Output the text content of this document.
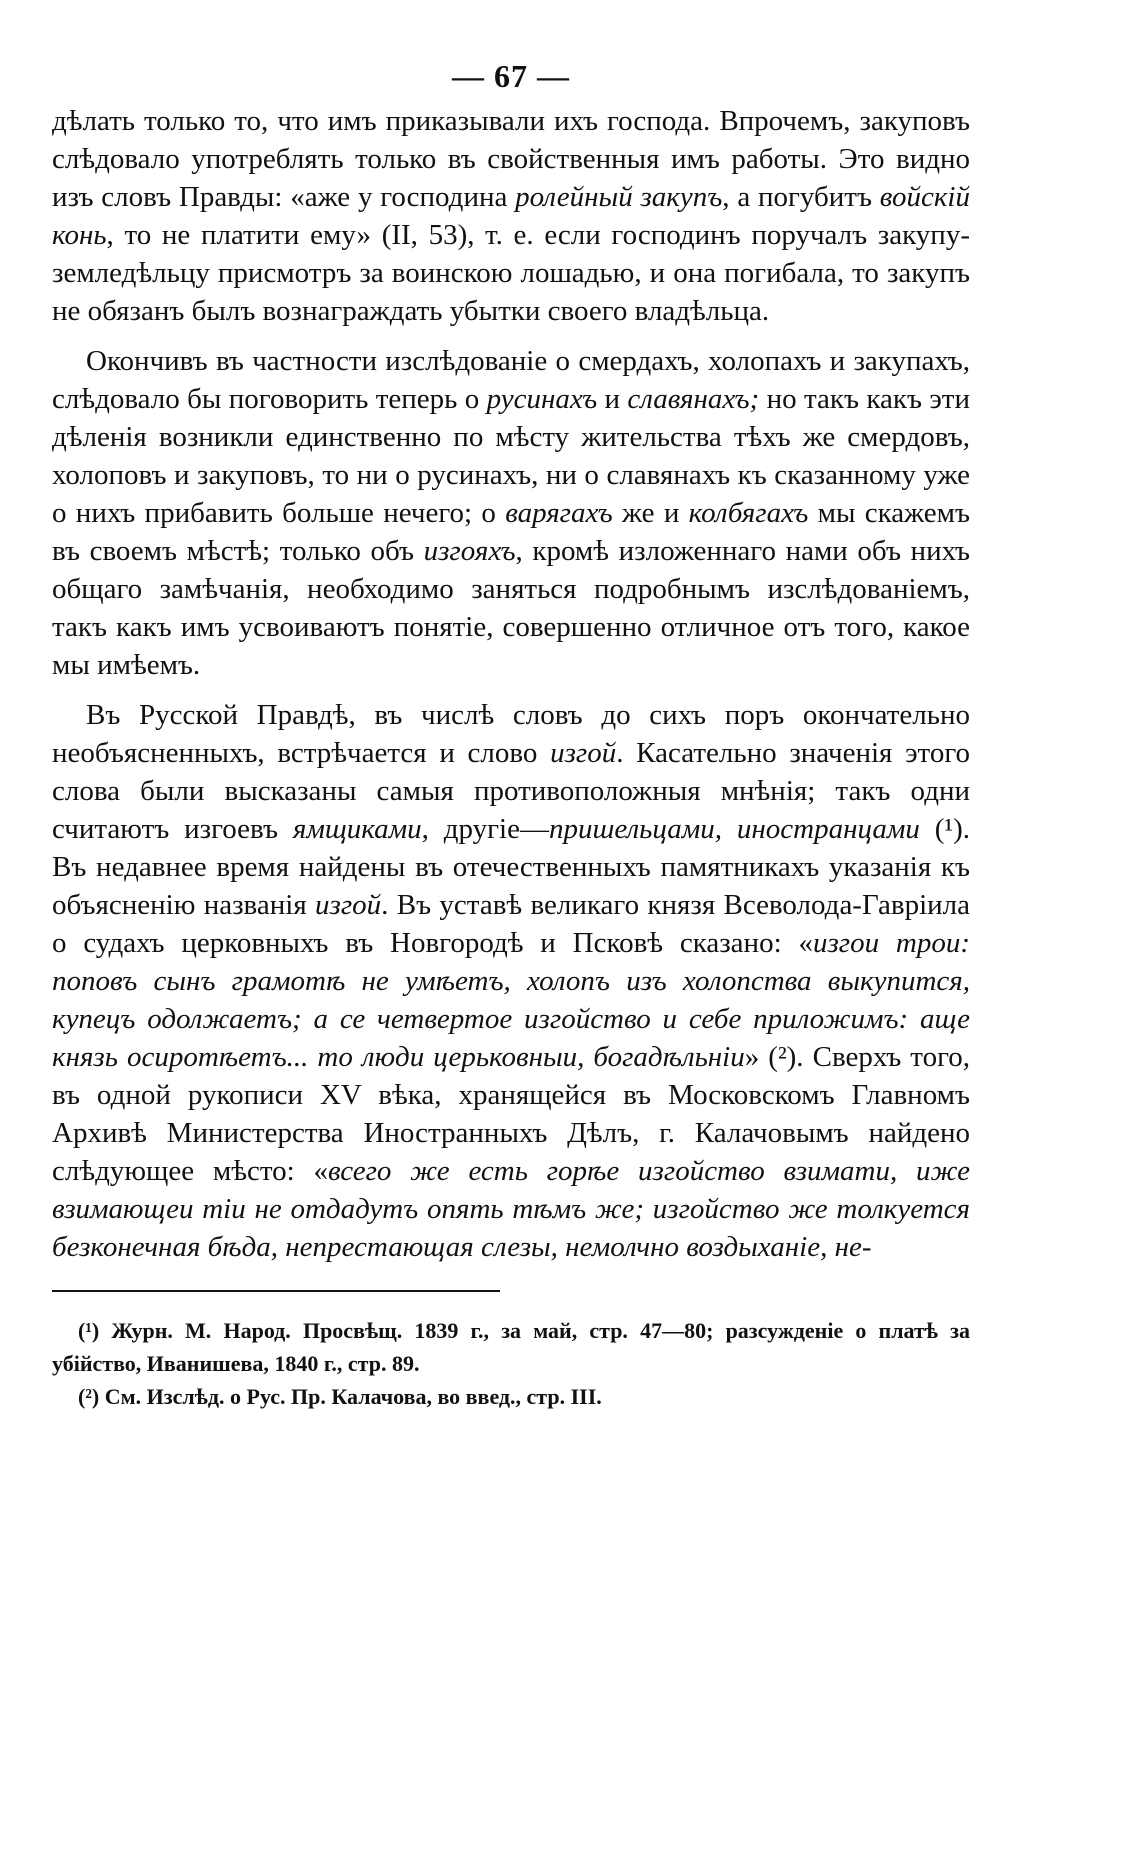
— 67 —

дѣлать только то, что имъ приказывали ихъ господа. Впрочемъ, закуповъ слѣдовало употреблять только въ свойственныя имъ работы. Это видно изъ словъ Правды: «аже у господина ролейный закупъ, а погубитъ войскій конь, то не платити ему» (II, 53), т. е. если господинъ поручалъ закупу-земледѣльцу присмотръ за воинскою лошадью, и она погибала, то закупъ не обязанъ былъ вознаграждать убытки своего владѣльца.

Окончивъ въ частности изслѣдованіе о смердахъ, холопахъ и закупахъ, слѣдовало бы поговорить теперь о русинахъ и славянахъ; но такъ какъ эти дѣленія возникли единственно по мѣсту жительства тѣхъ же смердовъ, холоповъ и закуповъ, то ни о русинахъ, ни о славянахъ къ сказанному уже о нихъ прибавить больше нечего; о варягахъ же и колбягахъ мы скажемъ въ своемъ мѣстѣ; только объ изгояхъ, кромѣ изложеннаго нами объ нихъ общаго замѣчанія, необходимо заняться подробнымъ изслѣдованіемъ, такъ какъ имъ усвоиваютъ понятіе, совершенно отличное отъ того, какое мы имѣемъ.

Въ Русской Правдѣ, въ числѣ словъ до сихъ поръ окончательно необъясненныхъ, встрѣчается и слово изгой. Касательно значенія этого слова были высказаны самыя противоположныя мнѣнія; такъ одни считаютъ изгоевъ ямщиками, другіе—пришельцами, иностранцами (¹). Въ недавнее время найдены въ отечественныхъ памятникахъ указанія къ объясненію названія изгой. Въ уставѣ великаго князя Всеволода-Гавріила о судахъ церковныхъ въ Новгородѣ и Псковѣ сказано: «изгои трои: поповъ сынъ грамотѣ не умѣетъ, холопъ изъ холопства выкупится, купецъ одолжаетъ; а се четвертое изгойство и себе приложимъ: аще князь осиротѣетъ... то люди церьковныи, богадѣльніи» (²). Сверхъ того, въ одной рукописи XV вѣка, хранящейся въ Московскомъ Главномъ Архивѣ Министерства Иностранныхъ Дѣлъ, г. Калачовымъ найдено слѣдующее мѣсто: «всего же есть горѣе изгойство взимати, иже взимающеи тіи не отдадутъ опять тѣмъ же; изгойство же толкуется безконечная бѣда, непрестающая слезы, немолчно воздыханіе, не-

(¹) Журн. М. Народ. Просвѣщ. 1839 г., за май, стр. 47—80; разсужденіе о платѣ за убійство, Иванишева, 1840 г., стр. 89.

(²) См. Изслѣд. о Рус. Пр. Калачова, во введ., стр. III.
